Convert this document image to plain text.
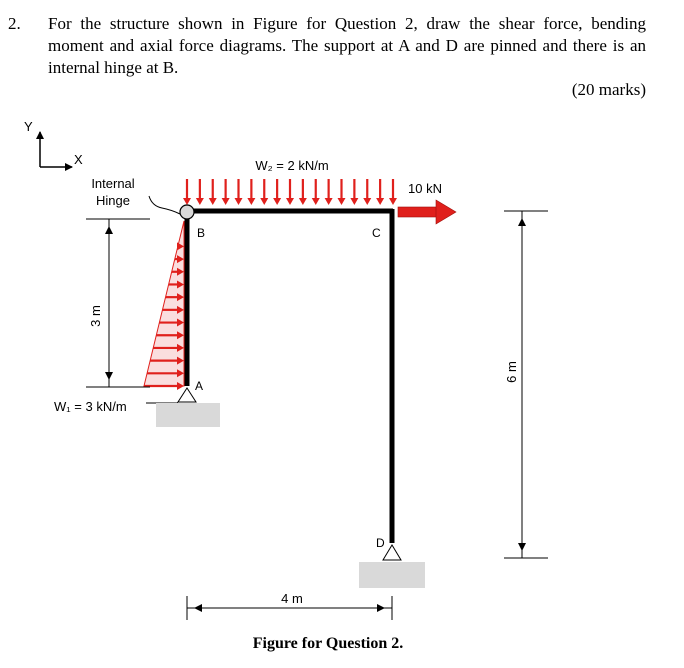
2. For the structure shown in Figure for Question 2, draw the shear force, bending moment and axial force diagrams. The support at A and D are pinned and there is an internal hinge at B.
(20 marks)
Y
X
Internal
Hinge
W₂ = 2 kN/m
W₁ = 3 kN/m
10 kN
B	C
A
D
3 m
6 m
4 m
Figure for Question 2.
